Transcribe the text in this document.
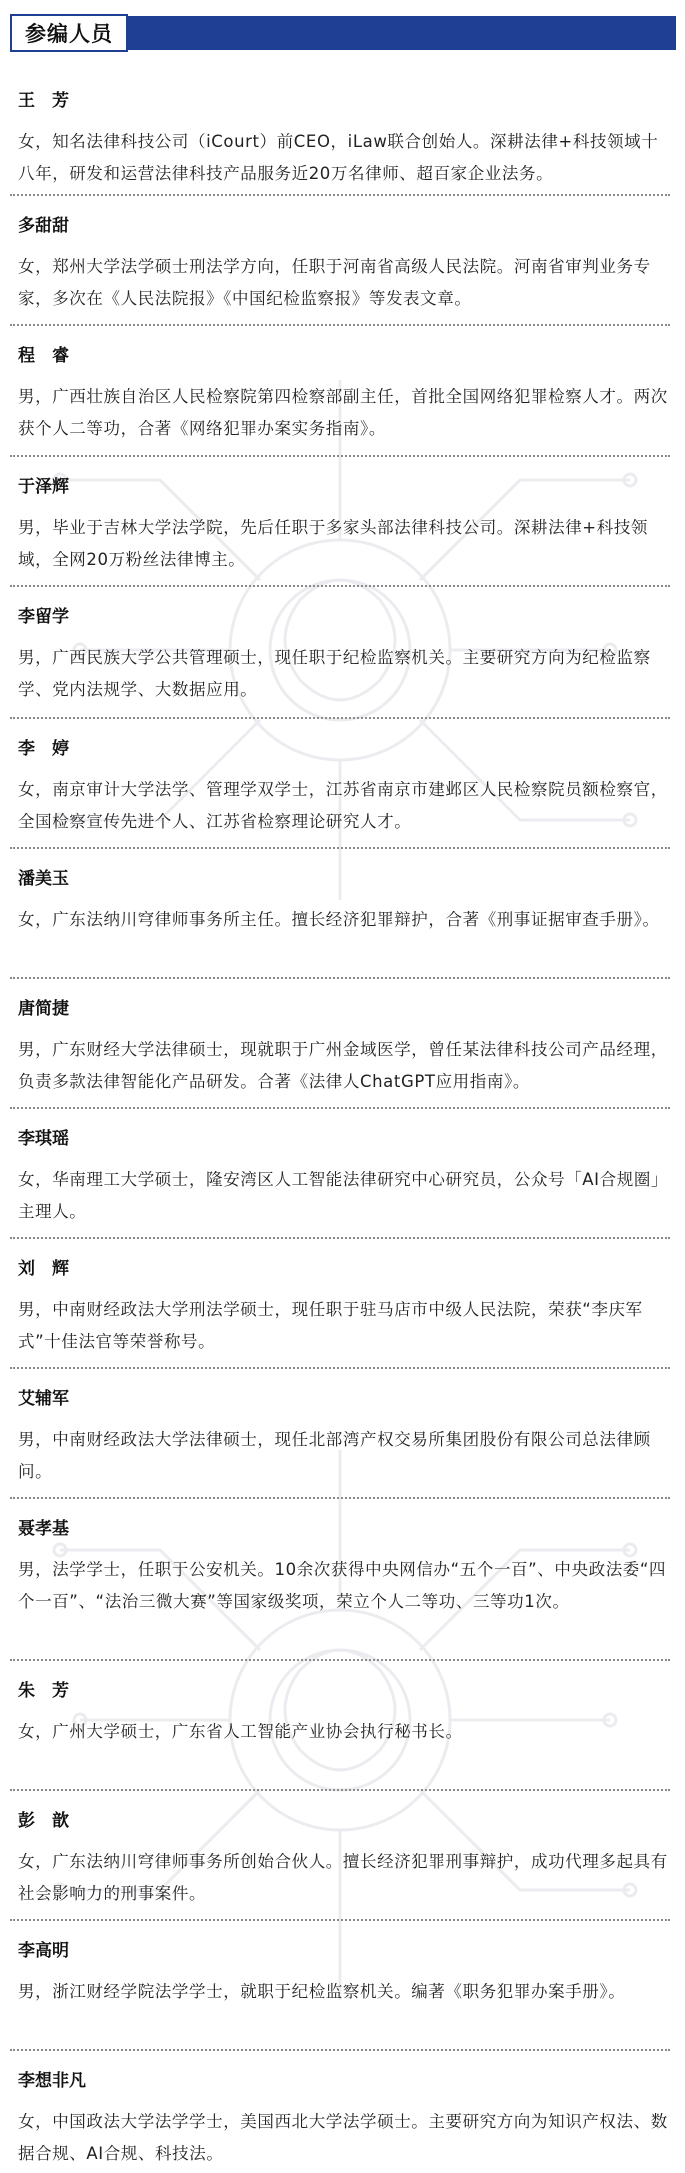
参编人员
王　芳
女，知名法律科技公司（iCourt）前CEO，iLaw联合创始人。深耕法律+科技领域十八年，研发和运营法律科技产品服务近20万名律师、超百家企业法务。
多甜甜
女，郑州大学法学硕士刑法学方向，任职于河南省高级人民法院。河南省审判业务专家，多次在《人民法院报》《中国纪检监察报》等发表文章。
程　睿
男，广西壮族自治区人民检察院第四检察部副主任，首批全国网络犯罪检察人才。两次获个人二等功，合著《网络犯罪办案实务指南》。
于泽辉
男，毕业于吉林大学法学院，先后任职于多家头部法律科技公司。深耕法律+科技领域，全网20万粉丝法律博主。
李留学
男，广西民族大学公共管理硕士，现任职于纪检监察机关。主要研究方向为纪检监察学、党内法规学、大数据应用。
李　婷
女，南京审计大学法学、管理学双学士，江苏省南京市建邺区人民检察院员额检察官，全国检察宣传先进个人、江苏省检察理论研究人才。
潘美玉
女，广东法纳川穹律师事务所主任。擅长经济犯罪辩护，合著《刑事证据审查手册》。
唐简捷
男，广东财经大学法律硕士，现就职于广州金域医学，曾任某法律科技公司产品经理，负责多款法律智能化产品研发。合著《法律人ChatGPT应用指南》。
李琪瑶
女，华南理工大学硕士，隆安湾区人工智能法律研究中心研究员，公众号「AI合规圈」主理人。
刘　辉
男，中南财经政法大学刑法学硕士，现任职于驻马店市中级人民法院，荣获“李庆军式”十佳法官等荣誉称号。
艾辅军
男，中南财经政法大学法律硕士，现任北部湾产权交易所集团股份有限公司总法律顾问。
聂孝基
男，法学学士，任职于公安机关。10余次获得中央网信办“五个一百”、中央政法委“四个一百”、“法治三微大赛”等国家级奖项，荣立个人二等功、三等功1次。
朱　芳
女，广州大学硕士，广东省人工智能产业协会执行秘书长。
彭　歆
女，广东法纳川穹律师事务所创始合伙人。擅长经济犯罪刑事辩护，成功代理多起具有社会影响力的刑事案件。
李高明
男，浙江财经学院法学学士，就职于纪检监察机关。编著《职务犯罪办案手册》。
李想非凡
女，中国政法大学法学学士，美国西北大学法学硕士。主要研究方向为知识产权法、数据合规、AI合规、科技法。
